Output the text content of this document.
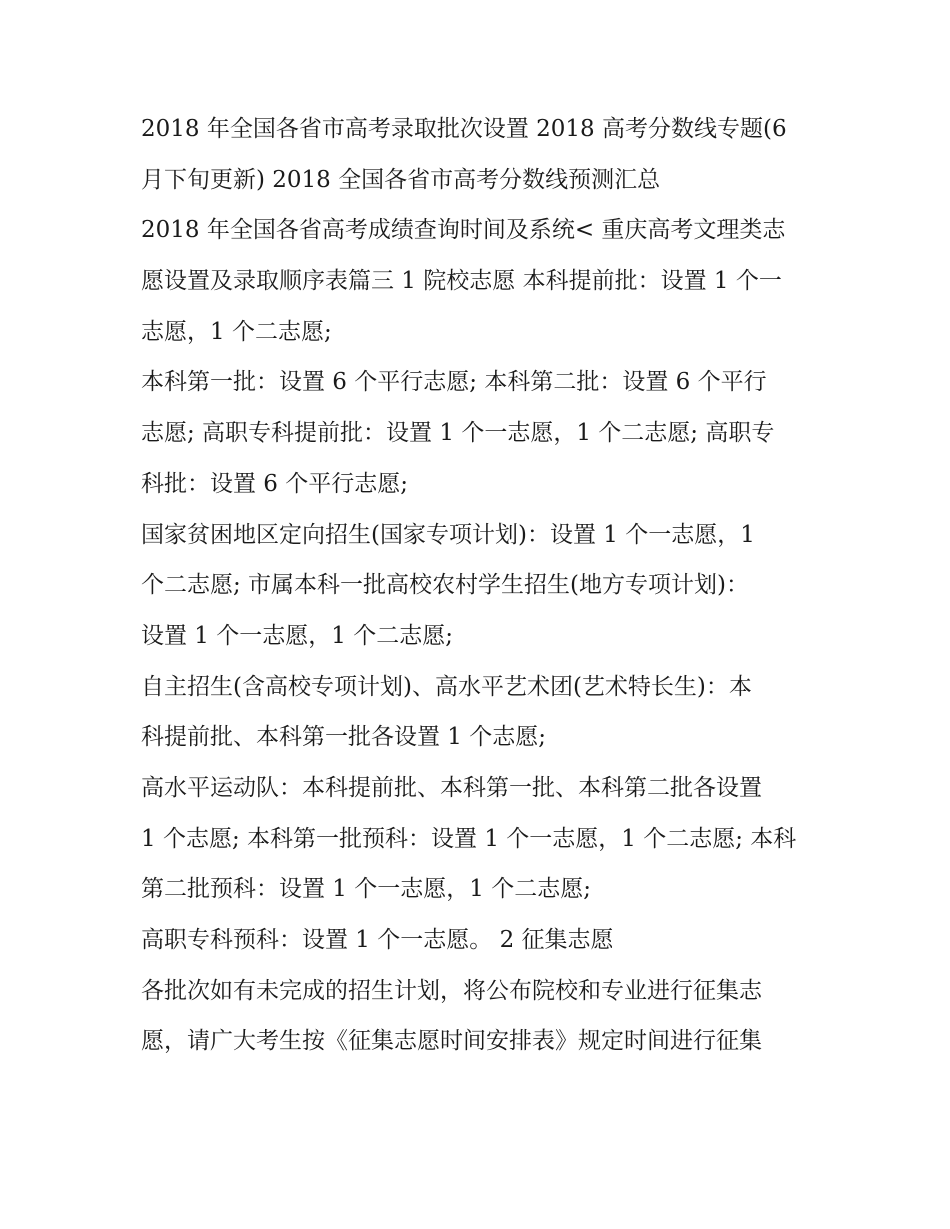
2018 年全国各省市高考录取批次设置 2018 高考分数线专题(6
月下旬更新) 2018 全国各省市高考分数线预测汇总
2018 年全国各省高考成绩查询时间及系统< 重庆高考文理类志
愿设置及录取顺序表篇三 1 院校志愿 本科提前批：设置 1 个一
志愿，1 个二志愿;
本科第一批：设置 6 个平行志愿; 本科第二批：设置 6 个平行
志愿; 高职专科提前批：设置 1 个一志愿，1 个二志愿; 高职专
科批：设置 6 个平行志愿;
国家贫困地区定向招生(国家专项计划)：设置 1 个一志愿，1
个二志愿; 市属本科一批高校农村学生招生(地方专项计划)：
设置 1 个一志愿，1 个二志愿;
自主招生(含高校专项计划)、高水平艺术团(艺术特长生)：本
科提前批、本科第一批各设置 1 个志愿;
高水平运动队：本科提前批、本科第一批、本科第二批各设置
1 个志愿; 本科第一批预科：设置 1 个一志愿，1 个二志愿; 本科
第二批预科：设置 1 个一志愿，1 个二志愿;
高职专科预科：设置 1 个一志愿。 2 征集志愿
各批次如有未完成的招生计划，将公布院校和专业进行征集志
愿，请广大考生按《征集志愿时间安排表》规定时间进行征集
